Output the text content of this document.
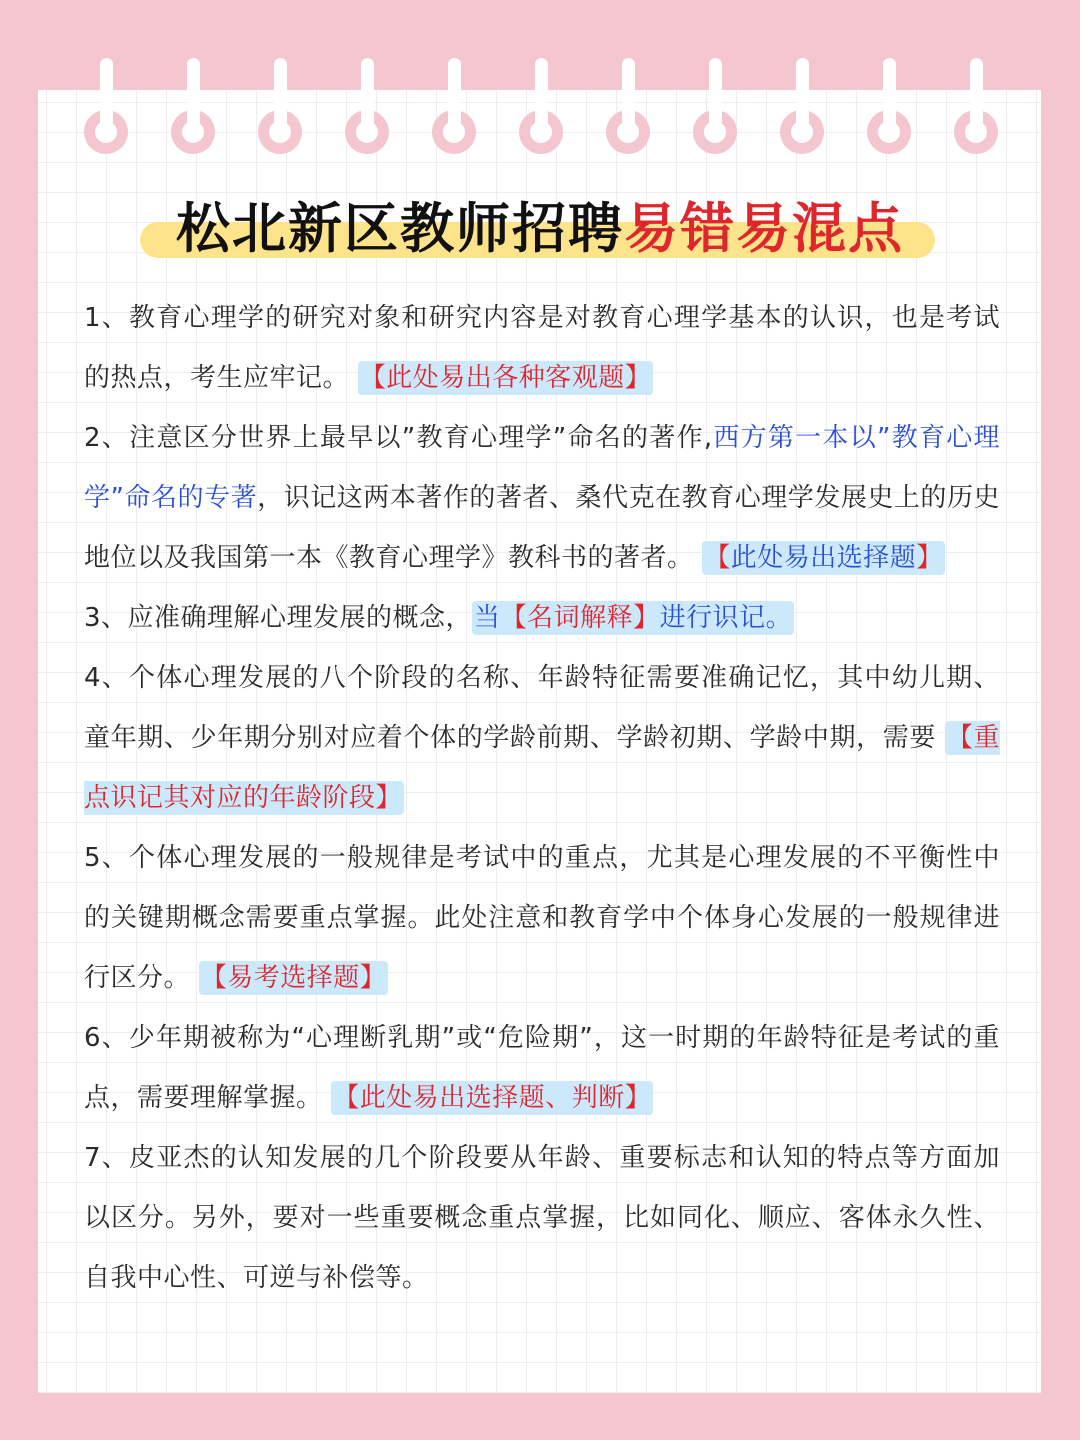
松北新区教师招聘易错易混点

1、教育心理学的研究对象和研究内容是对教育心理学基本的认识，也是考试的热点，考生应牢记。 【此处易出各种客观题】

2、注意区分世界上最早以”教育心理学”命名的著作,西方第一本以”教育心理学”命名的专著，识记这两本著作的著者、桑代克在教育心理学发展史上的历史地位以及我国第一本《教育心理学》教科书的著者。 【此处易出选择题】

3、应准确理解心理发展的概念，当【名词解释】进行识记。

4、个体心理发展的八个阶段的名称、年龄特征需要准确记忆，其中幼儿期、童年期、少年期分别对应着个体的学龄前期、学龄初期、学龄中期，需要 【重点识记其对应的年龄阶段】

5、个体心理发展的一般规律是考试中的重点，尤其是心理发展的不平衡性中的关键期概念需要重点掌握。此处注意和教育学中个体身心发展的一般规律进行区分。 【易考选择题】

6、少年期被称为“心理断乳期”或“危险期”，这一时期的年龄特征是考试的重点，需要理解掌握。 【此处易出选择题、判断】

7、皮亚杰的认知发展的几个阶段要从年龄、重要标志和认知的特点等方面加以区分。另外，要对一些重要概念重点掌握，比如同化、顺应、客体永久性、自我中心性、可逆与补偿等。
